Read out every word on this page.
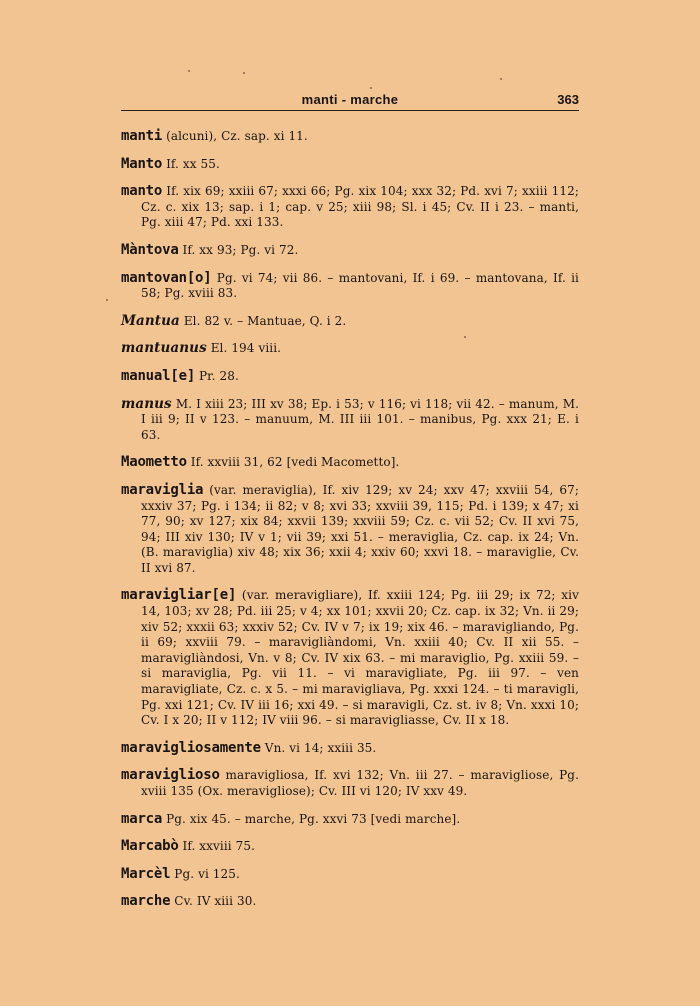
manti - marche	363

manti (alcuni), Cz. sap. xi 11.

Manto If. xx 55.

manto If. xix 69; xxiii 67; xxxi 66; Pg. xix 104; xxx 32; Pd. xvi 7; xxiii 112; Cz. c. xix 13; sap. i 1; cap. v 25; xiii 98; Sl. i 45; Cv. II i 23. – manti, Pg. xiii 47; Pd. xxi 133.

Màntova If. xx 93; Pg. vi 72.

mantovan[o] Pg. vi 74; vii 86. – mantovani, If. i 69. – mantovana, If. ii 58; Pg. xviii 83.

Mantua El. 82 v. – Mantuae, Q. i 2.

mantuanus El. 194 viii.

manual[e] Pr. 28.

manus M. I xiii 23; III xv 38; Ep. i 53; v 116; vi 118; vii 42. – manum, M. I iii 9; II v 123. – manuum, M. III iii 101. – manibus, Pg. xxx 21; E. i 63.

Maometto If. xxviii 31, 62 [vedi Macometto].

maraviglia (var. meraviglia), If. xiv 129; xv 24; xxv 47; xxviii 54, 67; xxxiv 37; Pg. i 134; ii 82; v 8; xvi 33; xxviii 39, 115; Pd. i 139; x 47; xi 77, 90; xv 127; xix 84; xxvii 139; xxviii 59; Cz. c. vii 52; Cv. II xvi 75, 94; III xiv 130; IV v 1; vii 39; xxi 51. – meraviglia, Cz. cap. ix 24; Vn. (B. maraviglia) xiv 48; xix 36; xxii 4; xxiv 60; xxvi 18. – maraviglie, Cv. II xvi 87.

maravigliar[e] (var. meravigliare), If. xxiii 124; Pg. iii 29; ix 72; xiv 14, 103; xv 28; Pd. iii 25; v 4; xx 101; xxvii 20; Cz. cap. ix 32; Vn. ii 29; xiv 52; xxxii 63; xxxiv 52; Cv. IV v 7; ix 19; xix 46. – maravigliando, Pg. ii 69; xxviii 79. – maravigliàndomi, Vn. xxiii 40; Cv. II xii 55. – maravigliàndosi, Vn. v 8; Cv. IV xix 63. – mi maraviglio, Pg. xxiii 59. – si maraviglia, Pg. vii 11. – vi maravigliate, Pg. iii 97. – ven maravigliate, Cz. c. x 5. – mi maravigliava, Pg. xxxi 124. – ti maravigli, Pg. xxi 121; Cv. IV iii 16; xxi 49. – si maravigli, Cz. st. iv 8; Vn. xxxi 10; Cv. I x 20; II v 112; IV viii 96. – si maravigliasse, Cv. II x 18.

maravigliosamente Vn. vi 14; xxiii 35.

maraviglioso maravigliosa, If. xvi 132; Vn. iii 27. – maravigliose, Pg. xviii 135 (Ox. meravigliose); Cv. III vi 120; IV xxv 49.

marca Pg. xix 45. – marche, Pg. xxvi 73 [vedi marche].

Marcabò If. xxviii 75.

Marcèl Pg. vi 125.

marche Cv. IV xiii 30.
